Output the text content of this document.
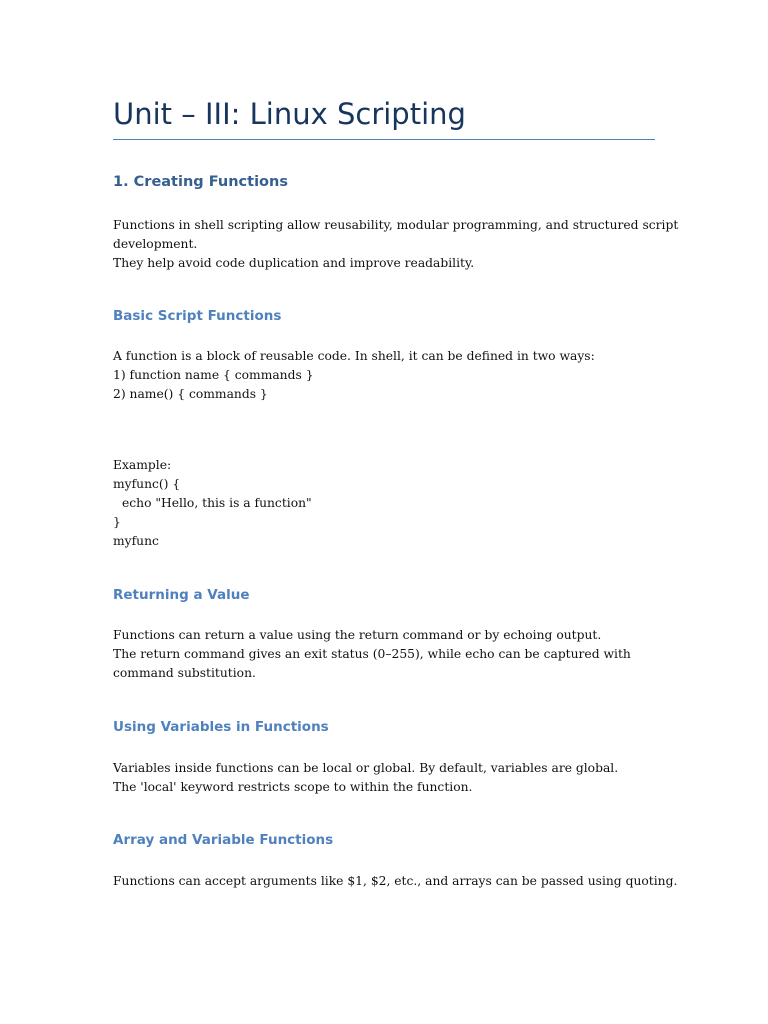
Unit – III: Linux Scripting
1. Creating Functions
Functions in shell scripting allow reusability, modular programming, and structured script
development.
They help avoid code duplication and improve readability.
Basic Script Functions
A function is a block of reusable code. In shell, it can be defined in two ways:
1) function name { commands }
2) name() { commands }
Example:
myfunc() {
echo "Hello, this is a function"
}
myfunc
Returning a Value
Functions can return a value using the return command or by echoing output.
The return command gives an exit status (0–255), while echo can be captured with
command substitution.
Using Variables in Functions
Variables inside functions can be local or global. By default, variables are global.
The 'local' keyword restricts scope to within the function.
Array and Variable Functions
Functions can accept arguments like $1, $2, etc., and arrays can be passed using quoting.
